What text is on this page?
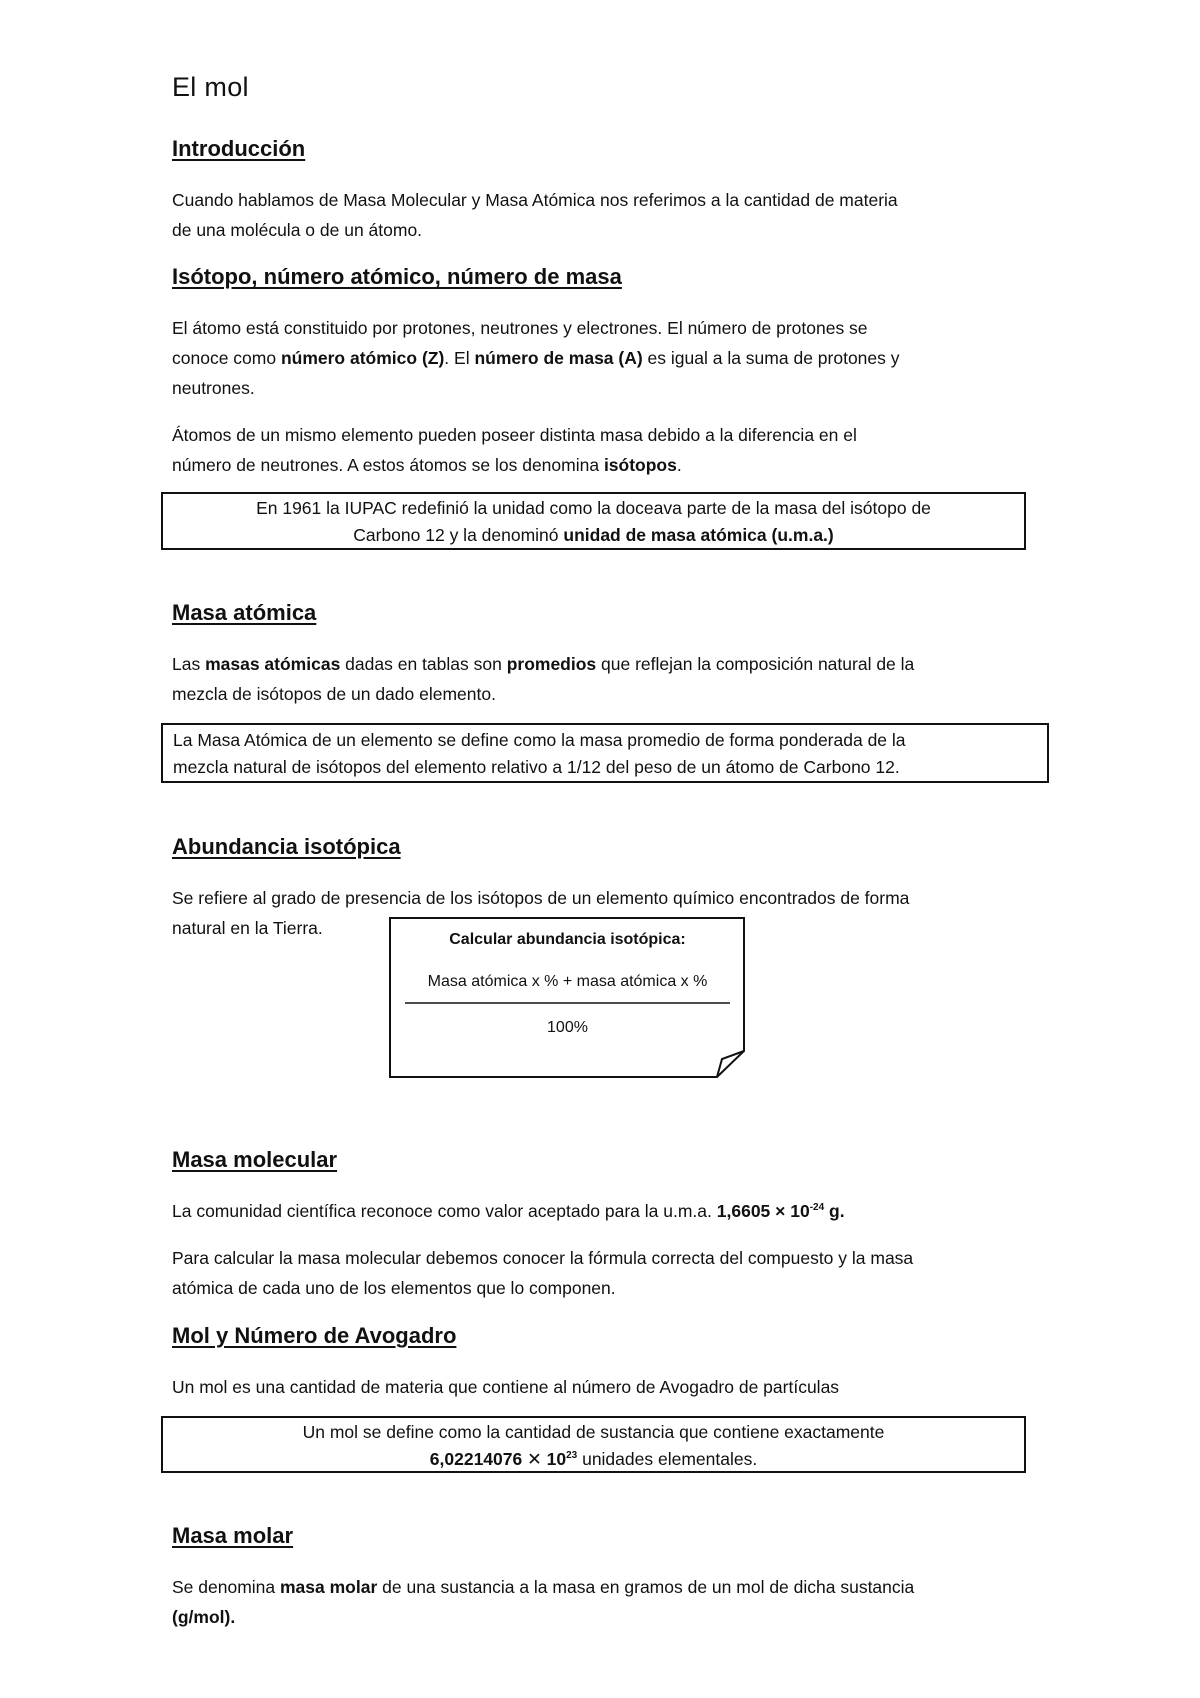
El mol
Introducción

Cuando hablamos de Masa Molecular y Masa Atómica nos referimos a la cantidad de materia
de una molécula o de un átomo.

Isótopo, número atómico, número de masa

El átomo está constituido por protones, neutrones y electrones. El número de protones se
conoce como número atómico (Z). El número de masa (A) es igual a la suma de protones y
neutrones.

Átomos de un mismo elemento pueden poseer distinta masa debido a la diferencia en el
número de neutrones. A estos átomos se los denomina isótopos.

En 1961 la IUPAC redefinió la unidad como la doceava parte de la masa del isótopo de
Carbono 12 y la denominó unidad de masa atómica (u.m.a.)
Masa atómica

Las masas atómicas dadas en tablas son promedios que reflejan la composición natural de la
mezcla de isótopos de un dado elemento.

La Masa Atómica de un elemento se define como la masa promedio de forma ponderada de la
mezcla natural de isótopos del elemento relativo a 1/12 del peso de un átomo de Carbono 12.
Abundancia isotópica

Se refiere al grado de presencia de los isótopos de un elemento químico encontrados de forma
natural en la Tierra.

Calcular abundancia isotópica:
Masa atómica x % + masa atómica x %
100%
Masa molecular

La comunidad científica reconoce como valor aceptado para la u.m.a. $1,6605 \times 10^{-24}$ g.

Para calcular la masa molecular debemos conocer la fórmula correcta del compuesto y la masa
atómica de cada uno de los elementos que lo componen.

Mol y Número de Avogadro

Un mol es una cantidad de materia que contiene al número de Avogadro de partículas

Un mol se define como la cantidad de sustancia que contiene exactamente
6,02214076 ✕ $10^{23}$ unidades elementales.
Masa molar

Se denomina masa molar de una sustancia a la masa en gramos de un mol de dicha sustancia
(g/mol).
